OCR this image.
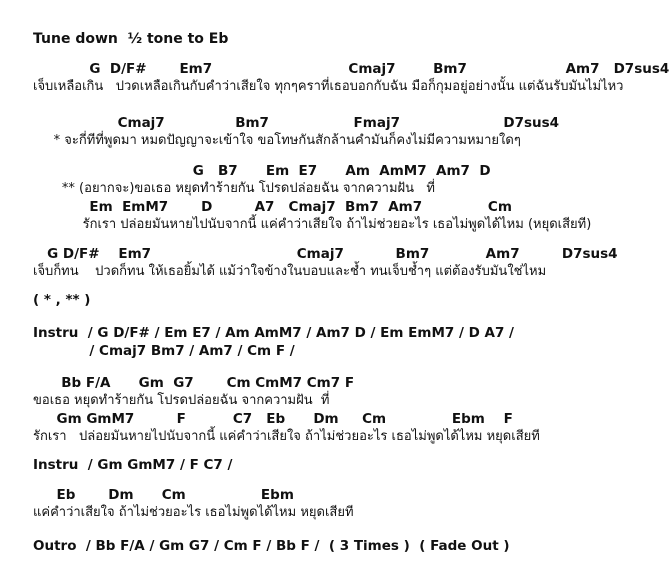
Tune down  ½ tone to Eb
G  D/F#       Em7                             Cmaj7        Bm7                     Am7   D7sus4
เจ็บเหลือเกิน   ปวดเหลือเกินกับคำว่าเสียใจ ทุกๆคราที่เธอบอกกับฉัน มือก็กุมอยู่อย่างนั้น แต่ฉันรับมันไม่ไหว
Cmaj7               Bm7                  Fmaj7                      D7sus4
* จะกี่ทีที่พูดมา หมดปัญญาจะเข้าใจ ขอโทษกันสักล้านคำมันก็คงไม่มีความหมายใดๆ
G   B7      Em  E7      Am  AmM7  Am7  D
** (อยากจะ)ขอเธอ หยุดทำร้ายกัน โปรดปล่อยฉัน จากความฝัน   ที่
Em  EmM7       D         A7   Cmaj7  Bm7  Am7              Cm
รักเรา ปล่อยมันหายไปนับจากนี้ แค่คำว่าเสียใจ ถ้าไม่ช่วยอะไร เธอไม่พูดได้ไหม (หยุดเสียที)
G D/F#    Em7                               Cmaj7           Bm7            Am7         D7sus4
เจ็บก็ทน    ปวดก็ทน ให้เธอยิ้มได้ แม้ว่าใจข้างในบอบและช้ำ ทนเจ็บช้ำๆ แต่ต้องรับมันใช่ไหม
( * , ** )
Instru  / G D/F# / Em E7 / Am AmM7 / Am7 D / Em EmM7 / D A7 /
/ Cmaj7 Bm7 / Am7 / Cm F /
Bb F/A      Gm  G7       Cm CmM7 Cm7 F
ขอเธอ หยุดทำร้ายกัน โปรดปล่อยฉัน จากความฝัน  ที่
Gm GmM7         F          C7   Eb      Dm     Cm              Ebm    F
รักเรา   ปล่อยมันหายไปนับจากนี้ แค่คำว่าเสียใจ ถ้าไม่ช่วยอะไร เธอไม่พูดได้ไหม หยุดเสียที
Instru  / Gm GmM7 / F C7 /
Eb       Dm      Cm                Ebm
แค่คำว่าเสียใจ ถ้าไม่ช่วยอะไร เธอไม่พูดได้ไหม หยุดเสียที
Outro  / Bb F/A / Gm G7 / Cm F / Bb F /  ( 3 Times )  ( Fade Out )
